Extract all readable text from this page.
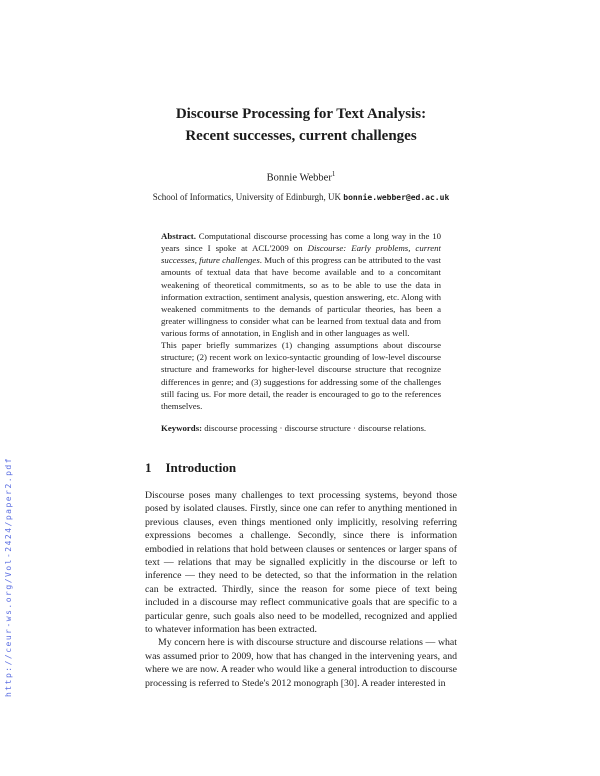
http://ceur-ws.org/Vol-2424/paper2.pdf
Discourse Processing for Text Analysis:
Recent successes, current challenges
Bonnie Webber$^1$
School of Informatics, University of Edinburgh, UK bonnie.webber@ed.ac.uk

Abstract. Computational discourse processing has come a long way in the 10 years since I spoke at ACL'2009 on Discourse: Early problems, current successes, future challenges. Much of this progress can be attributed to the vast amounts of textual data that have become available and to a concomitant weakening of theoretical commitments, so as to be able to use the data in information extraction, sentiment analysis, question answering, etc. Along with weakened commitments to the demands of particular theories, has been a greater willingness to consider what can be learned from textual data and from various forms of annotation, in English and in other languages as well.

This paper briefly summarizes (1) changing assumptions about discourse structure; (2) recent work on lexico-syntactic grounding of low-level discourse structure and frameworks for higher-level discourse structure that recognize differences in genre; and (3) suggestions for addressing some of the challenges still facing us. For more detail, the reader is encouraged to go to the references themselves.

Keywords: discourse processing · discourse structure · discourse relations.
1 Introduction

Discourse poses many challenges to text processing systems, beyond those posed by isolated clauses. Firstly, since one can refer to anything mentioned in previous clauses, even things mentioned only implicitly, resolving referring expressions becomes a challenge. Secondly, since there is information embodied in relations that hold between clauses or sentences or larger spans of text — relations that may be signalled explicitly in the discourse or left to inference — they need to be detected, so that the information in the relation can be extracted. Thirdly, since the reason for some piece of text being included in a discourse may reflect communicative goals that are specific to a particular genre, such goals also need to be modelled, recognized and applied to whatever information has been extracted.

My concern here is with discourse structure and discourse relations — what was assumed prior to 2009, how that has changed in the intervening years, and where we are now. A reader who would like a general introduction to discourse processing is referred to Stede's 2012 monograph [30]. A reader interested in
